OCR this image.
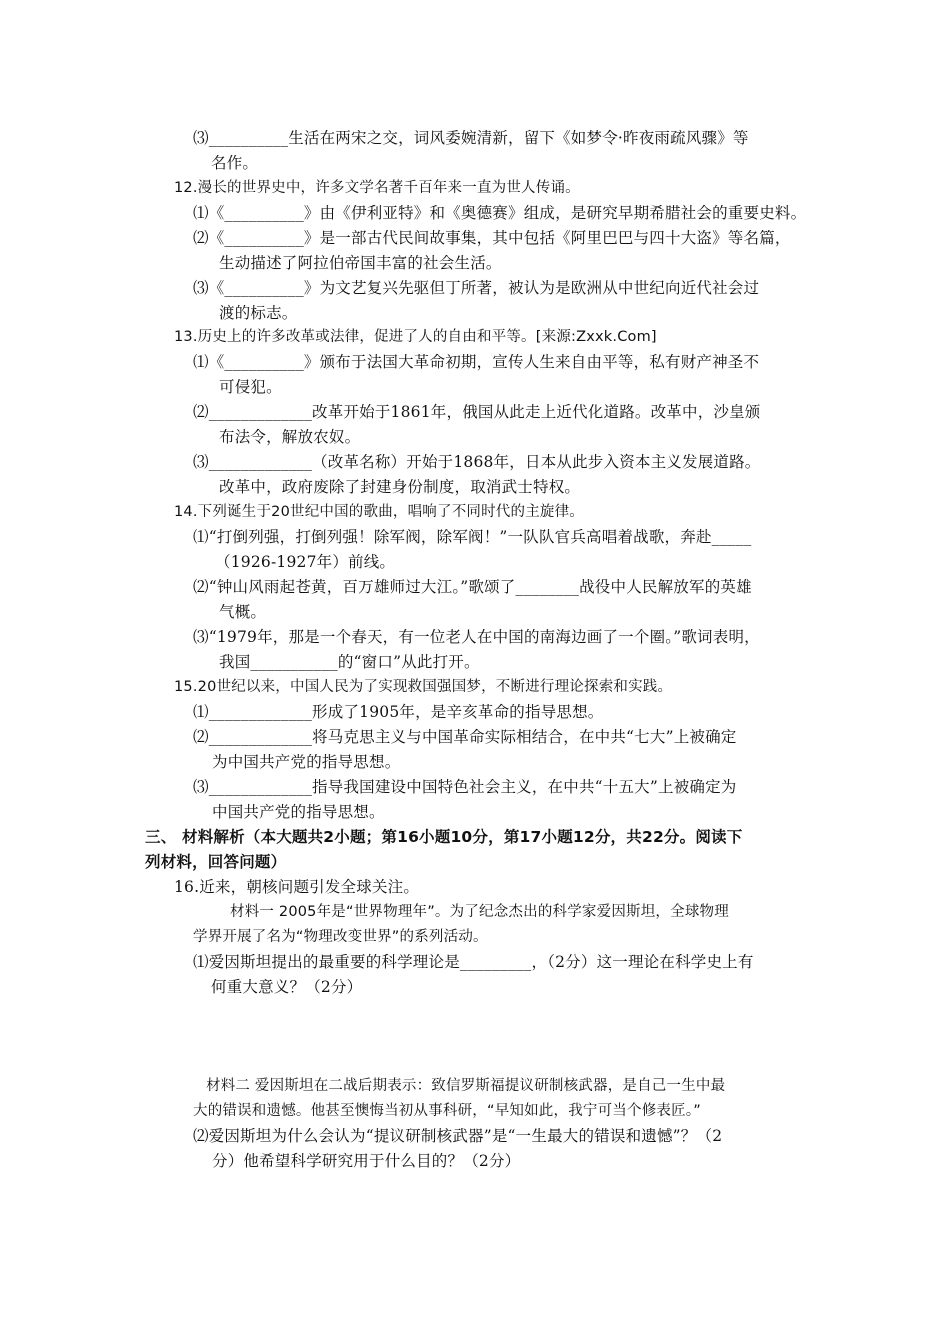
⑶__________生活在两宋之交，词风委婉清新，留下《如梦令·昨夜雨疏风骤》等
名作。
12.漫长的世界史中，许多文学名著千百年来一直为世人传诵。
⑴《__________》由《伊利亚特》和《奥德赛》组成，是研究早期希腊社会的重要史料。
⑵《__________》是一部古代民间故事集，其中包括《阿里巴巴与四十大盗》等名篇，
生动描述了阿拉伯帝国丰富的社会生活。
⑶《__________》为文艺复兴先驱但丁所著，被认为是欧洲从中世纪向近代社会过
渡的标志。
13.历史上的许多改革或法律，促进了人的自由和平等。[来源:Zxxk.Com]
⑴《__________》颁布于法国大革命初期，宣传人生来自由平等，私有财产神圣不
可侵犯。
⑵_____________改革开始于1861年，俄国从此走上近代化道路。改革中，沙皇颁
布法令，解放农奴。
⑶_____________（改革名称）开始于1868年，日本从此步入资本主义发展道路。
改革中，政府废除了封建身份制度，取消武士特权。
14.下列诞生于20世纪中国的歌曲，唱响了不同时代的主旋律。
⑴“打倒列强，打倒列强！除军阀，除军阀！”一队队官兵高唱着战歌，奔赴_____
（1926-1927年）前线。
⑵“钟山风雨起苍黄，百万雄师过大江。”歌颂了________战役中人民解放军的英雄
气概。
⑶“1979年，那是一个春天，有一位老人在中国的南海边画了一个圈。”歌词表明，
我国___________的“窗口”从此打开。
15.20世纪以来，中国人民为了实现救国强国梦，不断进行理论探索和实践。
⑴_____________形成了1905年，是辛亥革命的指导思想。
⑵_____________将马克思主义与中国革命实际相结合，在中共“七大”上被确定
为中国共产党的指导思想。
⑶_____________指导我国建设中国特色社会主义，在中共“十五大”上被确定为
中国共产党的指导思想。
三、 材料解析（本大题共2小题；第16小题10分，第17小题12分，共22分。阅读下
列材料，回答问题）
16.近来，朝核问题引发全球关注。
材料一 2005年是“世界物理年”。为了纪念杰出的科学家爱因斯坦，全球物理
学界开展了名为“物理改变世界”的系列活动。
⑴爱因斯坦提出的最重要的科学理论是_________，（2分）这一理论在科学史上有
何重大意义？（2分）
材料二 爱因斯坦在二战后期表示：致信罗斯福提议研制核武器，是自己一生中最
大的错误和遗憾。他甚至懊悔当初从事科研，“早知如此，我宁可当个修表匠。”
⑵爱因斯坦为什么会认为“提议研制核武器”是“一生最大的错误和遗憾”？（2
分）他希望科学研究用于什么目的？（2分）
